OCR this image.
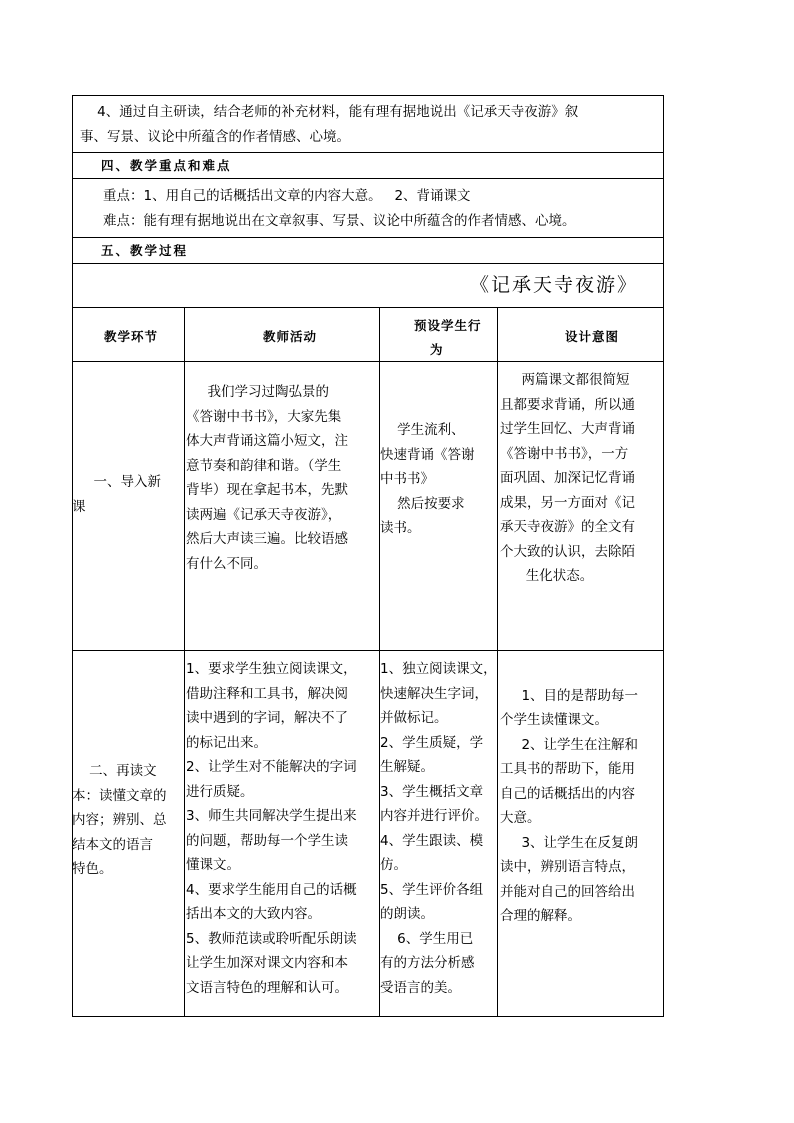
4、通过自主研读，结合老师的补充材料，能有理有据地说出《记承天寺夜游》叙
事、写景、议论中所蕴含的作者情感、心境。
四、教学重点和难点
重点：1、用自己的话概括出文章的内容大意。   2、背诵课文
难点：能有理有据地说出在文章叙事、写景、议论中所蕴含的作者情感、心境。
五、教学过程
《记承天寺夜游》
教学环节	教师活动
预设学生行
为
设计意图
一、导入新
课
我们学习过陶弘景的
《答谢中书书》，大家先集
体大声背诵这篇小短文，注
意节奏和韵律和谐。（学生
背毕）现在拿起书本，先默
读两遍《记承天寺夜游》，
然后大声读三遍。比较语感
有什么不同。
学生流利、
快速背诵《答谢
中书书》
然后按要求
读书。
两篇课文都很简短
且都要求背诵，所以通
过学生回忆、大声背诵
《答谢中书书》，一方
面巩固、加深记忆背诵
成果，另一方面对《记
承天寺夜游》的全文有
个大致的认识，去除陌
生化状态。
二、再读文
本：读懂文章的
内容；辨别、总
结本文的语言
特色。
1、要求学生独立阅读课文，
借助注释和工具书，解决阅
读中遇到的字词，解决不了
的标记出来。
2、让学生对不能解决的字词
进行质疑。
3、师生共同解决学生提出来
的问题，帮助每一个学生读
懂课文。
4、要求学生能用自己的话概
括出本文的大致内容。
5、教师范读或聆听配乐朗读
让学生加深对课文内容和本
文语言特色的理解和认可。
1、独立阅读课文，
快速解决生字词，
并做标记。
2、学生质疑，学
生解疑。
3、学生概括文章
内容并进行评价。
4、学生跟读、模
仿。
5、学生评价各组
的朗读。
6、学生用已
有的方法分析感
受语言的美。
1、目的是帮助每一
个学生读懂课文。
2、让学生在注解和
工具书的帮助下，能用
自己的话概括出的内容
大意。
3、让学生在反复朗
读中，辨别语言特点，
并能对自己的回答给出
合理的解释。
